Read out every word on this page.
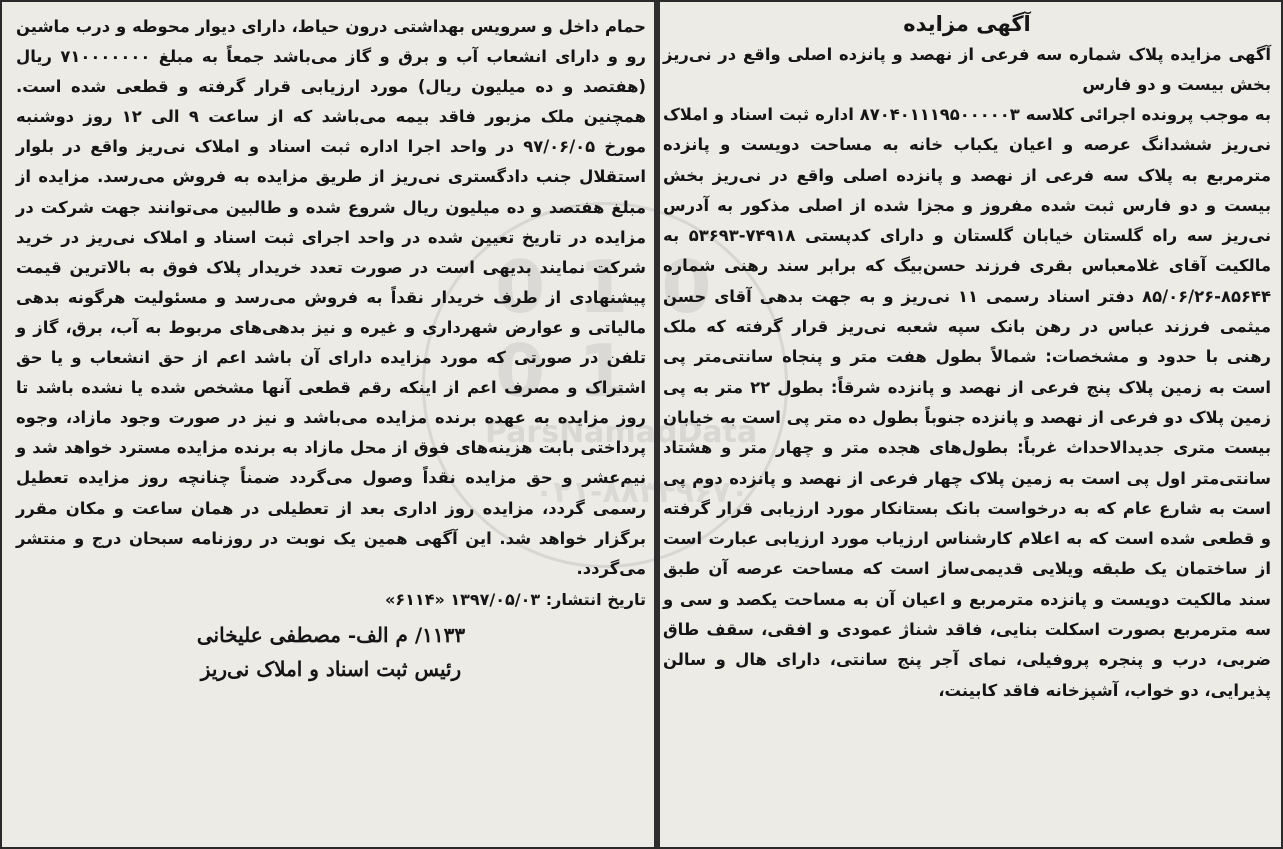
0 1 0 0 1
ParsNamadData
۰۲۱-۸۸۳۴۹۶۷۰
آگهی مزایده

آگهی مزایده پلاک شماره سه فرعی از نهصد و پانزده اصلی واقع در نی‌ریز بخش بیست و دو فارس

به موجب پرونده اجرائی کلاسه ۸۷۰۴۰۱۱۱۹۵۰۰۰۰۰۳ اداره ثبت اسناد و املاک نی‌ریز ششدانگ عرصه و اعیان یکباب خانه به مساحت دویست و پانزده مترمربع به پلاک سه فرعی از نهصد و پانزده اصلی واقع در نی‌ریز بخش بیست و دو فارس ثبت شده مفروز و مجزا شده از اصلی مذکور به آدرس نی‌ریز سه راه گلستان خیابان گلستان و دارای کدپستی ۷۴۹۱۸-۵۳۶۹۳ به مالکیت آقای غلامعباس بقری فرزند حسن‌بیگ که برابر سند رهنی شماره ۸۵۶۴۴-۸۵/۰۶/۲۶ دفتر اسناد رسمی ۱۱ نی‌ریز و به جهت بدهی آقای حسن میثمی فرزند عباس در رهن بانک سپه شعبه نی‌ریز قرار گرفته که ملک رهنی با حدود و مشخصات: شمالاً بطول هفت متر و پنجاه سانتی‌متر پی است به زمین پلاک پنج فرعی از نهصد و پانزده شرقاً: بطول ۲۲ متر به پی زمین پلاک دو فرعی از نهصد و پانزده جنوباً بطول ده متر پی است به خیابان بیست متری جدیدالاحداث غرباً: بطول‌های هجده متر و چهار متر و هشتاد سانتی‌متر اول پی است به زمین پلاک چهار فرعی از نهصد و پانزده دوم پی است به شارع عام که به درخواست بانک بستانکار مورد ارزیابی قرار گرفته و قطعی شده است که به اعلام کارشناس ارزیاب مورد ارزیابی عبارت است از ساختمان یک طبقه ویلایی قدیمی‌ساز است که مساحت عرصه آن طبق سند مالکیت دویست و پانزده مترمربع و اعیان آن به مساحت یکصد و سی و سه مترمربع بصورت اسکلت بنایی، فاقد شناژ عمودی و افقی، سقف طاق ضربی، درب و پنجره پروفیلی، نمای آجر پنج سانتی، دارای هال و سالن پذیرایی، دو خواب، آشپزخانه فاقد کابینت،

حمام داخل و سرویس بهداشتی درون حیاط، دارای دیوار محوطه و درب ماشین رو و دارای انشعاب آب و برق و گاز می‌باشد جمعاً به مبلغ ۷۱۰۰۰۰۰۰۰ ریال (هفتصد و ده میلیون ریال) مورد ارزیابی قرار گرفته و قطعی شده است. همچنین ملک مزبور فاقد بیمه می‌باشد که از ساعت ۹ الی ۱۲ روز دوشنبه مورخ ۹۷/۰۶/۰۵ در واحد اجرا اداره ثبت اسناد و املاک نی‌ریز واقع در بلوار استقلال جنب دادگستری نی‌ریز از طریق مزایده به فروش می‌رسد. مزایده از مبلغ هفتصد و ده میلیون ریال شروع شده و طالبین می‌توانند جهت شرکت در مزایده در تاریخ تعیین شده در واحد اجرای ثبت اسناد و املاک نی‌ریز در خرید شرکت نمایند بدیهی است در صورت تعدد خریدار پلاک فوق به بالاترین قیمت پیشنهادی از طرف خریدار نقداً به فروش می‌رسد و مسئولیت هرگونه بدهی مالیاتی و عوارض شهرداری و غیره و نیز بدهی‌های مربوط به آب، برق، گاز و تلفن در صورتی که مورد مزایده دارای آن باشد اعم از حق انشعاب و یا حق اشتراک و مصرف اعم از اینکه رقم قطعی آنها مشخص شده یا نشده باشد تا روز مزایده به عهده برنده مزایده می‌باشد و نیز در صورت وجود مازاد، وجوه پرداختی بابت هزینه‌های فوق از محل مازاد به برنده مزایده مسترد خواهد شد و نیم‌عشر و حق مزایده نقداً وصول می‌گردد ضمناً چنانچه روز مزایده تعطیل رسمی گردد، مزایده روز اداری بعد از تعطیلی در همان ساعت و مکان مقرر برگزار خواهد شد. این آگهی همین یک نوبت در روزنامه سبحان درج و منتشر می‌گردد.

تاریخ انتشار: ۱۳۹۷/۰۵/۰۳ «۶۱۱۴»

۱۱۳۳/ م الف- مصطفی علیخانی
رئیس ثبت اسناد و املاک نی‌ریز
